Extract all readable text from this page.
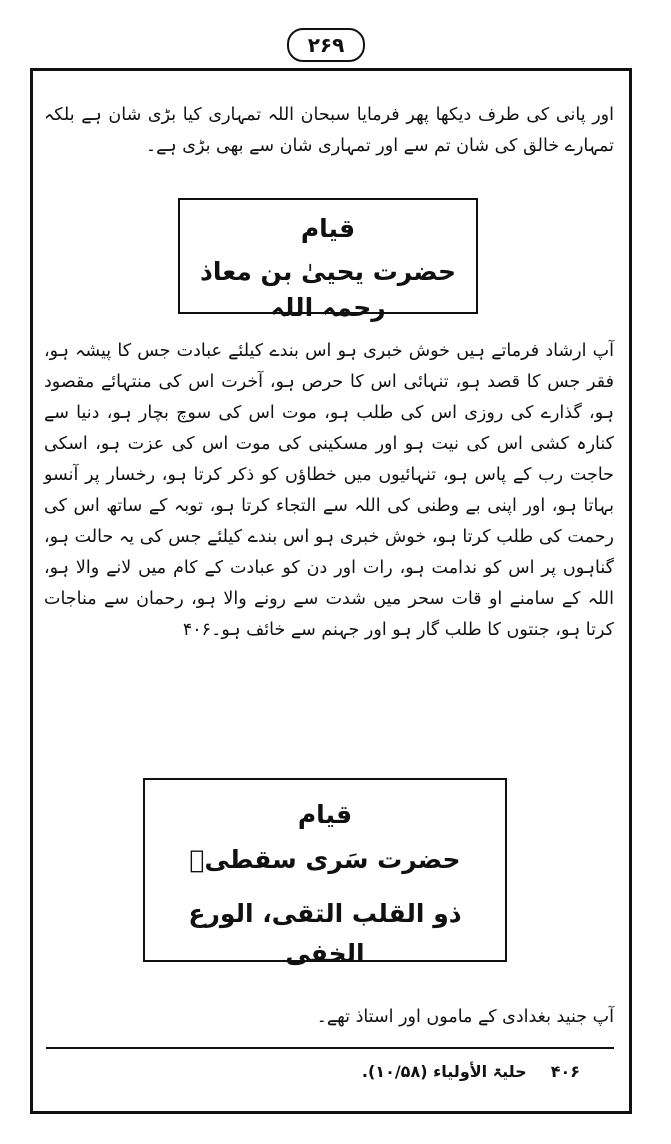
۲۶۹
اور پانی کی طرف دیکھا پھر فرمایا سبحان اللہ تمہاری کیا بڑی شان ہے بلکہ تمہارے خالق کی شان تم سے اور تمہاری شان سے بھی بڑی ہے۔
قیام
حضرت یحییٰ بن معاذ رحمہ اللہ
آپ ارشاد فرماتے ہیں خوش خبری ہو اس بندے کیلئے عبادت جس کا پیشہ ہو، فقر جس کا قصد ہو، تنہائی اس کا حرص ہو، آخرت اس کی منتہائے مقصود ہو، گذارے کی روزی اس کی طلب ہو، موت اس کی سوچ بچار ہو، دنیا سے کنارہ کشی اس کی نیت ہو اور مسکینی کی موت اس کی عزت ہو، اسکی حاجت رب کے پاس ہو، تنہائیوں میں خطاؤں کو ذکر کرتا ہو، رخسار پر آنسو بہاتا ہو، اور اپنی بے وطنی کی اللہ سے التجاء کرتا ہو، توبہ کے ساتھ اس کی رحمت کی طلب کرتا ہو، خوش خبری ہو اس بندے کیلئے جس کی یہ حالت ہو، گناہوں پر اس کو ندامت ہو، رات اور دن کو عبادت کے کام میں لانے والا ہو، اللہ کے سامنے او قات سحر میں شدت سے رونے والا ہو، رحمان سے مناجات کرتا ہو، جنتوں کا طلب گار ہو اور جہنم سے خائف ہو۔۴۰۶
قیام
حضرت سَری سقطیؒ
ذو القلب التقی، الورع الخفی
آپ جنید بغدادی کے ماموں اور استاذ تھے۔
۴۰۶حلیۃ الأولیاء (۱۰/۵۸).
